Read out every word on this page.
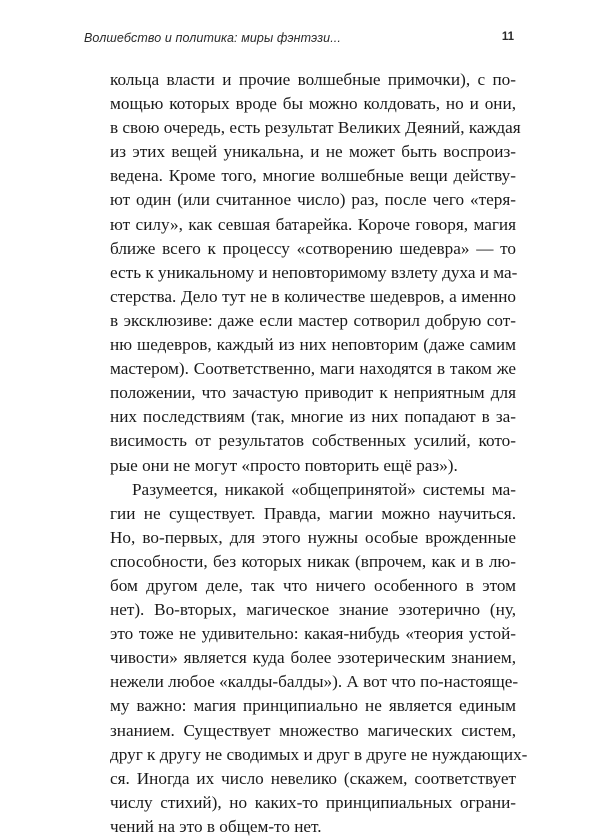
Волшебство и политика: миры фэнтэзи...	11
кольца власти и прочие волшебные примочки), с по-
мощью которых вроде бы можно колдовать, но и они,
в свою очередь, есть результат Великих Деяний, каждая
из этих вещей уникальна, и не может быть воспроиз-
ведена. Кроме того, многие волшебные вещи действу-
ют один (или считанное число) раз, после чего «теря-
ют силу», как севшая батарейка. Короче говоря, магия
ближе всего к процессу «сотворению шедевра» — то
есть к уникальному и неповторимому взлету духа и ма-
стерства. Дело тут не в количестве шедевров, а именно
в эксклюзиве: даже если мастер сотворил добрую сот-
ню шедевров, каждый из них неповторим (даже самим
мастером). Соответственно, маги находятся в таком же
положении, что зачастую приводит к неприятным для
них последствиям (так, многие из них попадают в за-
висимость от результатов собственных усилий, кото-
рые они не могут «просто повторить ещё раз»).
Разумеется, никакой «общепринятой» системы ма-
гии не существует. Правда, магии можно научиться.
Но, во-первых, для этого нужны особые врожденные
способности, без которых никак (впрочем, как и в лю-
бом другом деле, так что ничего особенного в этом
нет). Во-вторых, магическое знание эзотерично (ну,
это тоже не удивительно: какая-нибудь «теория устой-
чивости» является куда более эзотерическим знанием,
нежели любое «калды-балды»). А вот что по-настоящe-
му важно: магия принципиально не является единым
знанием. Существует множество магических систем,
друг к другу не сводимых и друг в друге не нуждающих-
ся. Иногда их число невелико (скажем, соответствует
числу стихий), но каких-то принципиальных ограни-
чений на это в общем-то нет.
